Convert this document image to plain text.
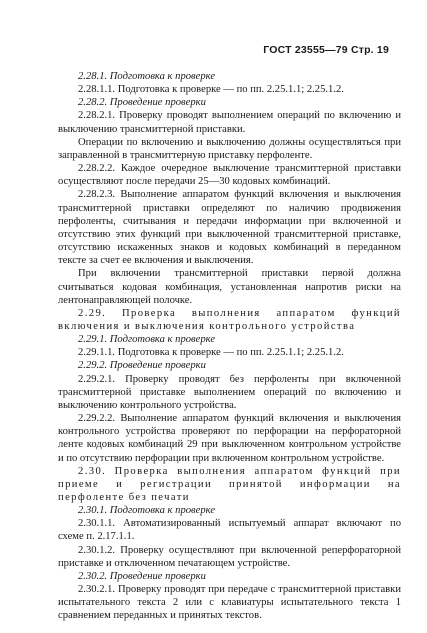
ГОСТ 23555—79 Стр. 19

2.28.1. Подготовка к проверке

2.28.1.1. Подготовка к проверке — по пп. 2.25.1.1; 2.25.1.2.

2.28.2. Проведение проверки

2.28.2.1. Проверку проводят выполнением операций по включению и выключению трансмиттерной приставки.

Операции по включению и выключению должны осуществляться при заправленной в трансмиттерную приставку перфоленте.

2.28.2.2. Каждое очередное выключение трансмиттерной приставки осуществляют после передачи 25—30 кодовых комбинаций.

2.28.2.3. Выполнение аппаратом функций включения и выключения трансмиттерной приставки определяют по наличию продвижения перфоленты, считывания и передачи информации при включенной и отсутствию этих функций при выключенной трансмиттерной приставке, отсутствию искаженных знаков и кодовых комбинаций в переданном тексте за счет ее включения и выключения.

При включении трансмиттерной приставки первой должна считываться кодовая комбинация, установленная напротив риски на лентонаправляющей полочке.

2.29. Проверка выполнения аппаратом функций включения и выключения контрольного устройства

2.29.1. Подготовка к проверке

2.29.1.1. Подготовка к проверке — по пп. 2.25.1.1; 2.25.1.2.

2.29.2. Проведение проверки

2.29.2.1. Проверку проводят без перфоленты при включенной трансмиттерной приставке выполнением операций по включению и выключению контрольного устройства.

2.29.2.2. Выполнение аппаратом функций включения и выключения контрольного устройства проверяют по перфорации на перфораторной ленте кодовых комбинаций 29 при выключенном контрольном устройстве и по отсутствию перфорации при включенном контрольном устройстве.

2.30. Проверка выполнения аппаратом функций при приеме и регистрации принятой информации на перфоленте без печати

2.30.1. Подготовка к проверке

2.30.1.1. Автоматизированный испытуемый аппарат включают по схеме п. 2.17.1.1.

2.30.1.2. Проверку осуществляют при включенной реперфораторной приставке и отключенном печатающем устройстве.

2.30.2. Проведение проверки

2.30.2.1. Проверку проводят при передаче с трансмиттерной приставки испытательного текста 2 или с клавиатуры испытательного текста 1 сравнением переданных и принятых текстов.
